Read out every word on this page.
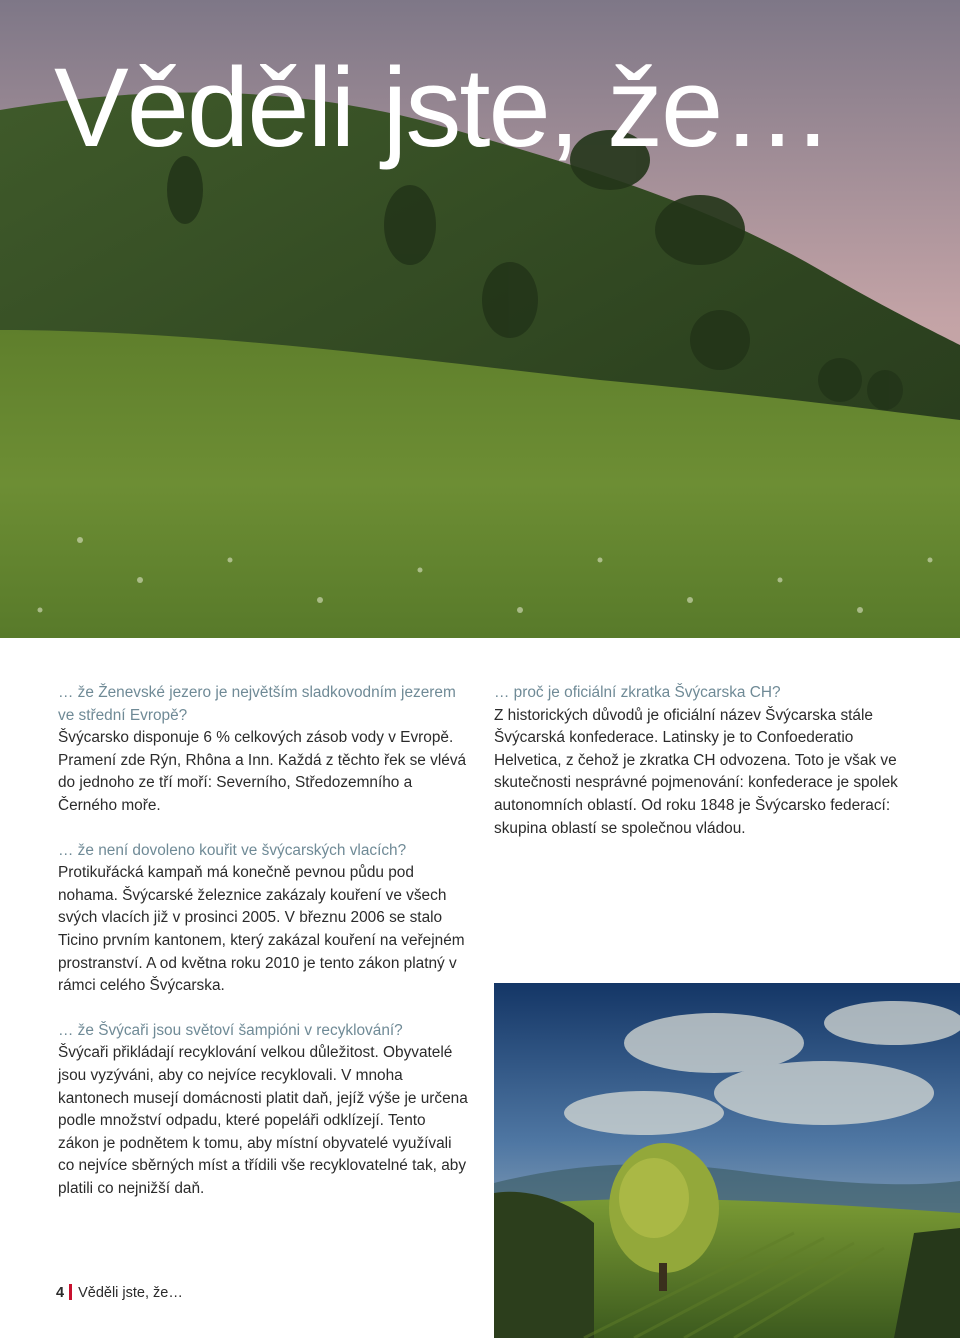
Věděli jste, že…

… že Ženevské jezero je největším sladkovodním jezerem ve střední Evropě?

Švýcarsko disponuje 6 % celkových zásob vody v Evropě. Pramení zde Rýn, Rhôna a Inn. Každá z těchto řek se vlévá do jednoho ze tří moří: Severního, Středozemního a Černého moře.

… že není dovoleno kouřit ve švýcarských vlacích?

Protikuřácká kampaň má konečně pevnou půdu pod nohama. Švýcarské železnice zakázaly kouření ve všech svých vlacích již v prosinci 2005. V březnu 2006 se stalo Ticino prvním kantonem, který zakázal kouření na veřejném prostranství. A od května roku 2010 je tento zákon platný v rámci celého Švýcarska.

… že Švýcaři jsou světoví šampióni v recyklování?

Švýcaři přikládají recyklování velkou důležitost. Obyvatelé jsou vyzýváni, aby co nejvíce recyklovali. V mnoha kantonech musejí domácnosti platit daň, jejíž výše je určena podle množství odpadu, které popeláři odklízejí. Tento zákon je podnětem k tomu, aby místní obyvatelé využívali co nejvíce sběrných míst a třídili vše recyklovatelné tak, aby platili co nejnižší daň.

… proč je oficiální zkratka Švýcarska CH?

Z historických důvodů je oficiální název Švýcarska stále Švýcarská konfederace. Latinsky je to Confoederatio Helvetica, z čehož je zkratka CH odvozena. Toto je však ve skutečnosti nesprávné pojmenování: konfederace je spolek autonomních oblastí. Od roku 1848 je Švýcarsko federací: skupina oblastí se společnou vládou.

4 Věděli jste, že…
